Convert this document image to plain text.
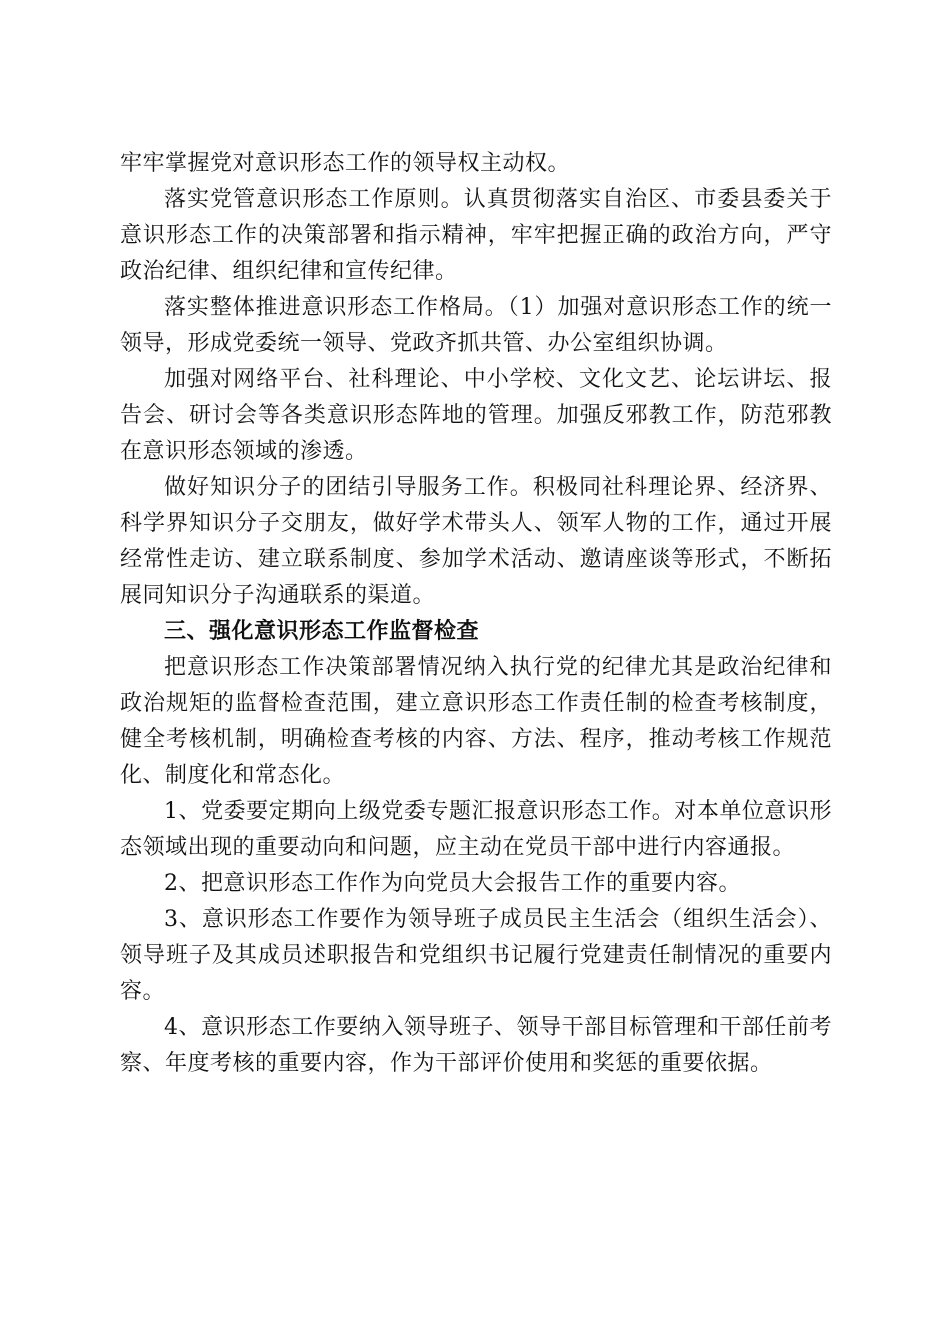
牢牢掌握党对意识形态工作的领导权主动权。

落实党管意识形态工作原则。认真贯彻落实自治区、市委县委关于意识形态工作的决策部署和指示精神，牢牢把握正确的政治方向，严守政治纪律、组织纪律和宣传纪律。

落实整体推进意识形态工作格局。（1）加强对意识形态工作的统一领导，形成党委统一领导、党政齐抓共管、办公室组织协调。

加强对网络平台、社科理论、中小学校、文化文艺、论坛讲坛、报告会、研讨会等各类意识形态阵地的管理。加强反邪教工作，防范邪教在意识形态领域的渗透。

做好知识分子的团结引导服务工作。积极同社科理论界、经济界、科学界知识分子交朋友，做好学术带头人、领军人物的工作，通过开展经常性走访、建立联系制度、参加学术活动、邀请座谈等形式，不断拓展同知识分子沟通联系的渠道。

三、强化意识形态工作监督检查

把意识形态工作决策部署情况纳入执行党的纪律尤其是政治纪律和政治规矩的监督检查范围，建立意识形态工作责任制的检查考核制度，健全考核机制，明确检查考核的内容、方法、程序，推动考核工作规范化、制度化和常态化。

1、党委要定期向上级党委专题汇报意识形态工作。对本单位意识形态领域出现的重要动向和问题，应主动在党员干部中进行内容通报。

2、把意识形态工作作为向党员大会报告工作的重要内容。

3、意识形态工作要作为领导班子成员民主生活会（组织生活会）、领导班子及其成员述职报告和党组织书记履行党建责任制情况的重要内容。

4、意识形态工作要纳入领导班子、领导干部目标管理和干部任前考察、年度考核的重要内容，作为干部评价使用和奖惩的重要依据。
